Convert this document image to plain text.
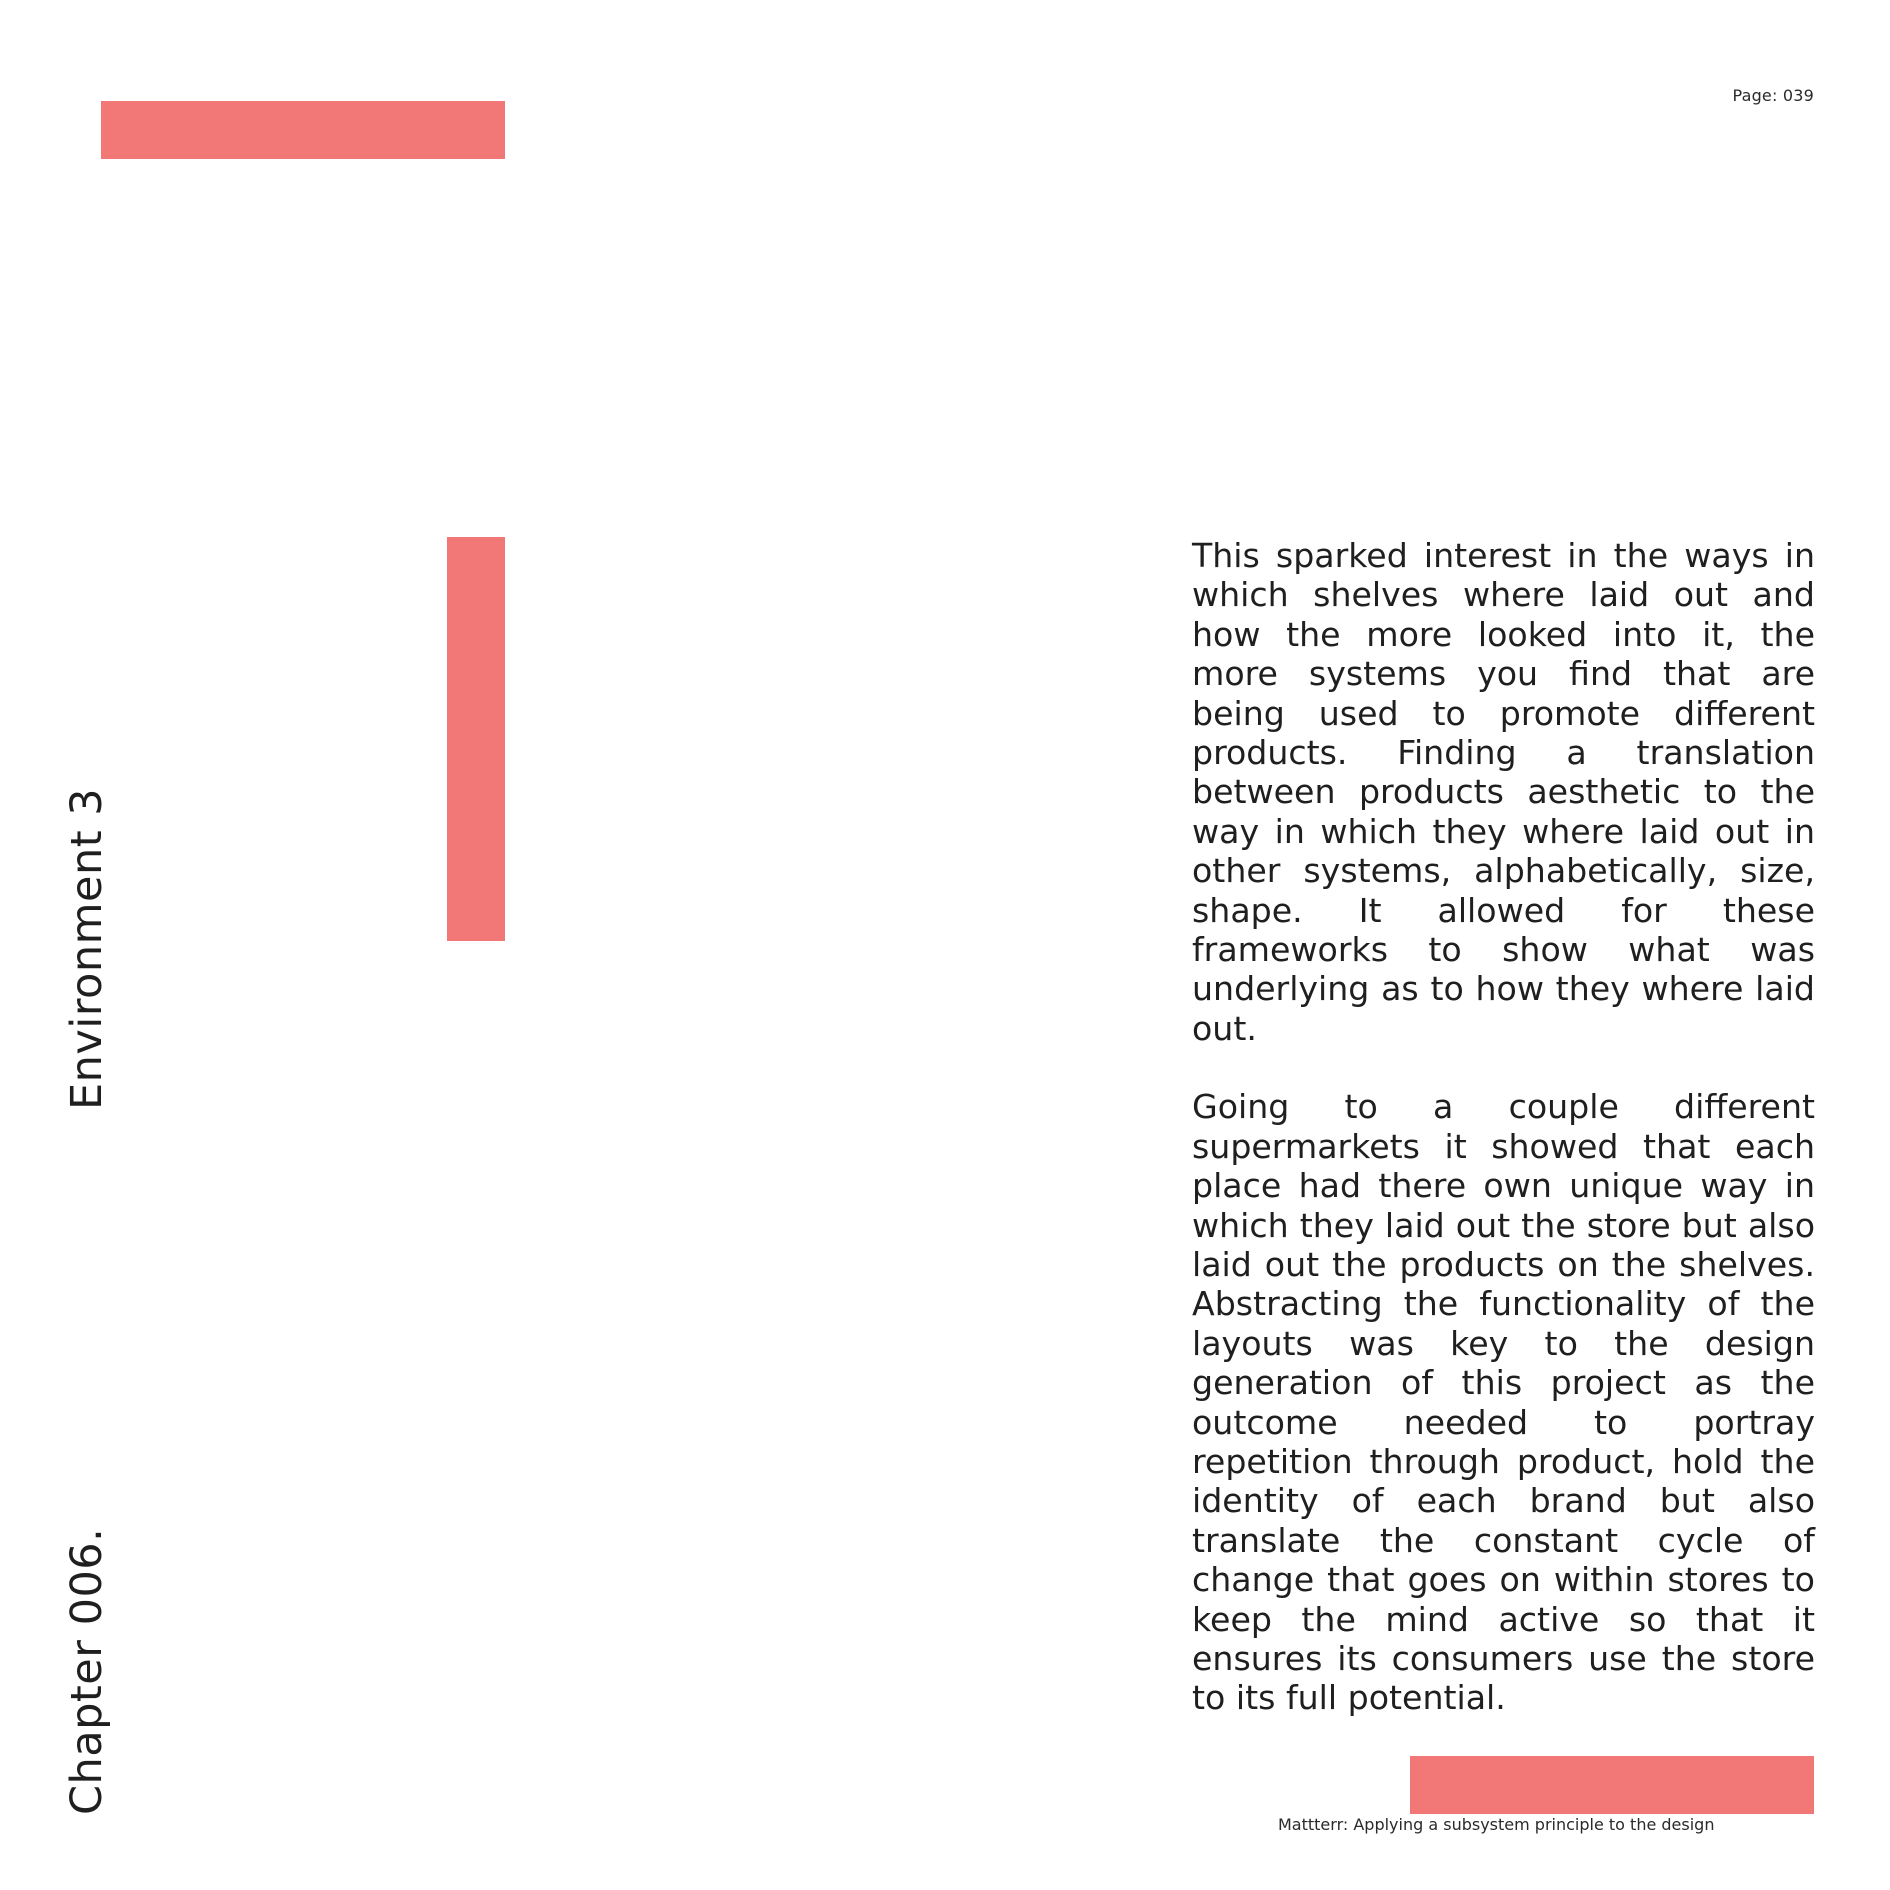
Page: 039
Environment 3
Chapter 006.

This sparked interest in the ways in which shelves where laid out and how the more looked into it, the more systems you find that are being used to promote different products. Finding a translation between products aesthetic to the way in which they where laid out in other systems, alphabetically, size, shape. It allowed for these frameworks to show what was underlying as to how they where laid out.

Going to a couple different supermarkets it showed that each place had there own unique way in which they laid out the store but also laid out the products on the shelves. Abstracting the functionality of the layouts was key to the design generation of this project as the outcome needed to portray repetition through product, hold the identity of each brand but also translate the constant cycle of change that goes on within stores to keep the mind active so that it ensures its consumers use the store to its full potential.

Mattterr: Applying a subsystem principle to the design
